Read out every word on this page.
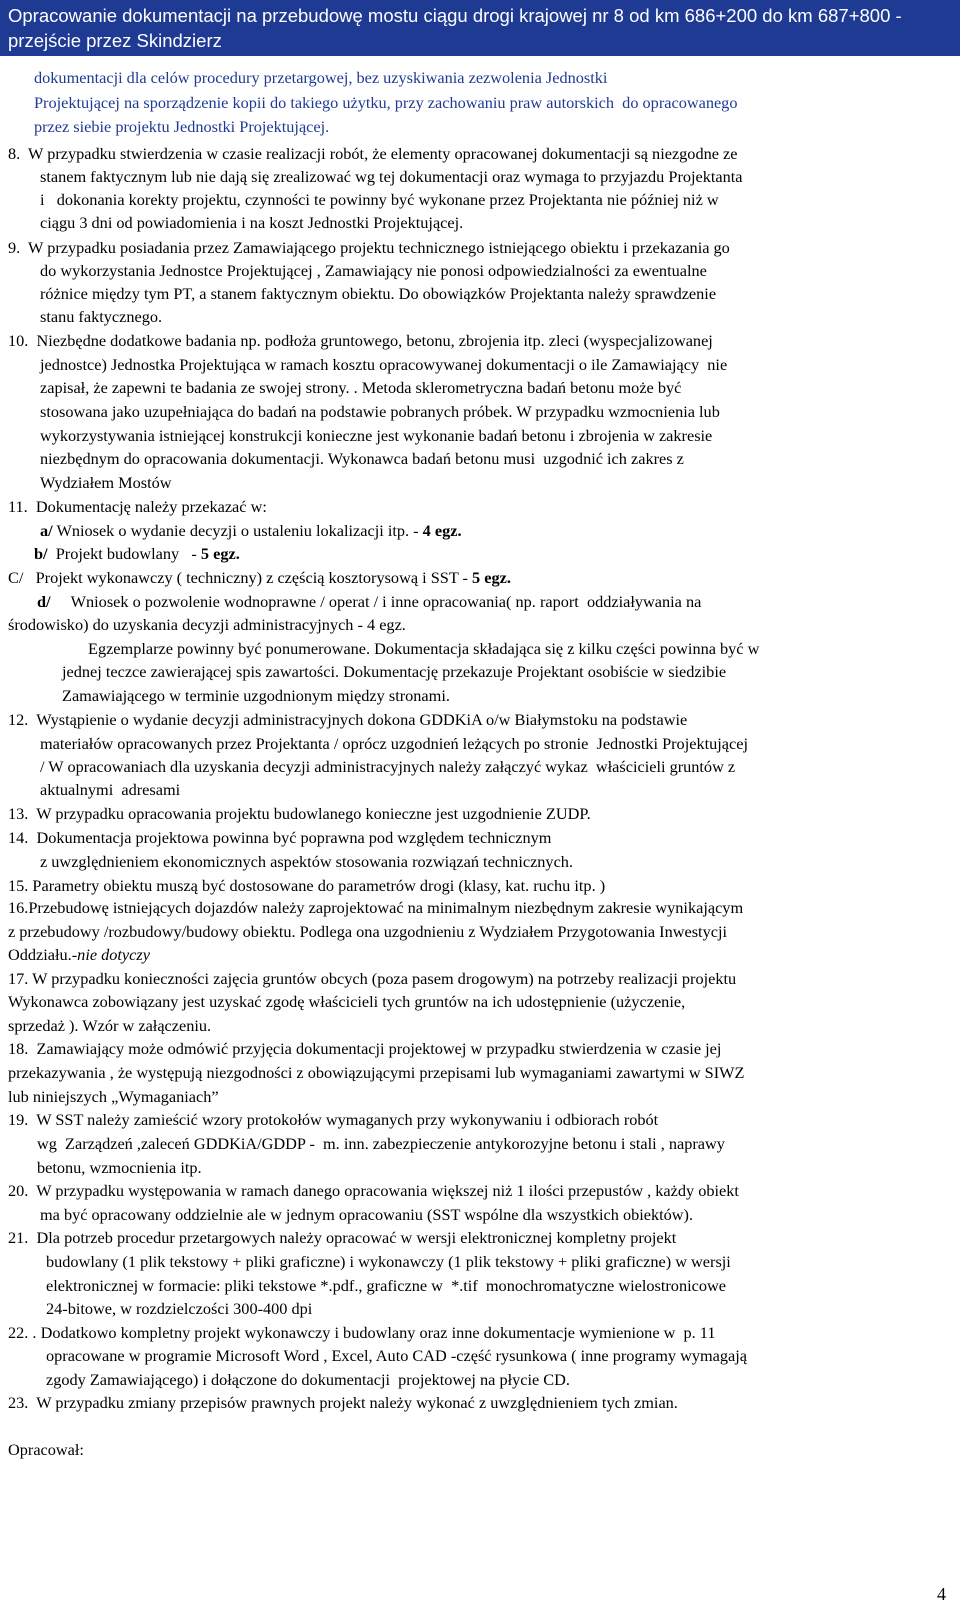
Opracowanie dokumentacji na przebudowę mostu ciągu drogi krajowej nr 8 od km 686+200 do km 687+800 - przejście przez Skindzierz
dokumentacji dla celów procedury przetargowej, bez uzyskiwania zezwolenia Jednostki
Projektującej na sporządzenie kopii do takiego użytku, przy zachowaniu praw autorskich  do opracowanego
przez siebie projektu Jednostki Projektującej.
8.  W przypadku stwierdzenia w czasie realizacji robót, że elementy opracowanej dokumentacji są niezgodne ze
stanem faktycznym lub nie dają się zrealizować wg tej dokumentacji oraz wymaga to przyjazdu Projektanta
i   dokonania korekty projektu, czynności te powinny być wykonane przez Projektanta nie później niż w
ciągu 3 dni od powiadomienia i na koszt Jednostki Projektującej.
9.  W przypadku posiadania przez Zamawiającego projektu technicznego istniejącego obiektu i przekazania go
do wykorzystania Jednostce Projektującej , Zamawiający nie ponosi odpowiedzialności za ewentualne
różnice między tym PT, a stanem faktycznym obiektu. Do obowiązków Projektanta należy sprawdzenie
stanu faktycznego.
10.  Niezbędne dodatkowe badania np. podłoża gruntowego, betonu, zbrojenia itp. zleci (wyspecjalizowanej
jednostce) Jednostka Projektująca w ramach kosztu opracowywanej dokumentacji o ile Zamawiający  nie
zapisał, że zapewni te badania ze swojej strony. . Metoda sklerometryczna badań betonu może być
stosowana jako uzupełniająca do badań na podstawie pobranych próbek. W przypadku wzmocnienia lub
wykorzystywania istniejącej konstrukcji konieczne jest wykonanie badań betonu i zbrojenia w zakresie
niezbędnym do opracowania dokumentacji. Wykonawca badań betonu musi  uzgodnić ich zakres z
Wydziałem Mostów
11.  Dokumentację należy przekazać w:
a/ Wniosek o wydanie decyzji o ustaleniu lokalizacji itp. - 4 egz.
b/  Projekt budowlany   - 5 egz.
C/   Projekt wykonawczy ( techniczny) z częścią kosztorysową i SST - 5 egz.
d/     Wniosek o pozwolenie wodnoprawne / operat / i inne opracowania( np. raport  oddziaływania na
środowisko) do uzyskania decyzji administracyjnych - 4 egz.
Egzemplarze powinny być ponumerowane. Dokumentacja składająca się z kilku części powinna być w
jednej teczce zawierającej spis zawartości. Dokumentację przekazuje Projektant osobiście w siedzibie
Zamawiającego w terminie uzgodnionym między stronami.
12.  Wystąpienie o wydanie decyzji administracyjnych dokona GDDKiA o/w Białymstoku na podstawie
materiałów opracowanych przez Projektanta / oprócz uzgodnień leżących po stronie  Jednostki Projektującej
/ W opracowaniach dla uzyskania decyzji administracyjnych należy załączyć wykaz  właścicieli gruntów z
aktualnymi  adresami
13.  W przypadku opracowania projektu budowlanego konieczne jest uzgodnienie ZUDP.
14.  Dokumentacja projektowa powinna być poprawna pod względem technicznym
z uwzględnieniem ekonomicznych aspektów stosowania rozwiązań technicznych.
15. Parametry obiektu muszą być dostosowane do parametrów drogi (klasy, kat. ruchu itp. )
16.Przebudowę istniejących dojazdów należy zaprojektować na minimalnym niezbędnym zakresie wynikającym
z przebudowy /rozbudowy/budowy obiektu. Podlega ona uzgodnieniu z Wydziałem Przygotowania Inwestycji
Oddziału.-nie dotyczy
17. W przypadku konieczności zajęcia gruntów obcych (poza pasem drogowym) na potrzeby realizacji projektu
Wykonawca zobowiązany jest uzyskać zgodę właścicieli tych gruntów na ich udostępnienie (użyczenie,
sprzedaż ). Wzór w załączeniu.
18.  Zamawiający może odmówić przyjęcia dokumentacji projektowej w przypadku stwierdzenia w czasie jej
przekazywania , że występują niezgodności z obowiązującymi przepisami lub wymaganiami zawartymi w SIWZ
lub niniejszych „Wymaganiach”
19.  W SST należy zamieścić wzory protokołów wymaganych przy wykonywaniu i odbiorach robót
wg  Zarządzeń ,zaleceń GDDKiA/GDDP -  m. inn. zabezpieczenie antykorozyjne betonu i stali , naprawy
betonu, wzmocnienia itp.
20.  W przypadku występowania w ramach danego opracowania większej niż 1 ilości przepustów , każdy obiekt
ma być opracowany oddzielnie ale w jednym opracowaniu (SST wspólne dla wszystkich obiektów).
21.  Dla potrzeb procedur przetargowych należy opracować w wersji elektronicznej kompletny projekt
budowlany (1 plik tekstowy + pliki graficzne) i wykonawczy (1 plik tekstowy + pliki graficzne) w wersji
elektronicznej w formacie: pliki tekstowe *.pdf., graficzne w  *.tif  monochromatyczne wielostronicowe
24-bitowe, w rozdzielczości 300-400 dpi
22. . Dodatkowo kompletny projekt wykonawczy i budowlany oraz inne dokumentacje wymienione w  p. 11
opracowane w programie Microsoft Word , Excel, Auto CAD -część rysunkowa ( inne programy wymagają
zgody Zamawiającego) i dołączone do dokumentacji  projektowej na płycie CD.
23.  W przypadku zmiany przepisów prawnych projekt należy wykonać z uwzględnieniem tych zmian.
Opracował:
4
